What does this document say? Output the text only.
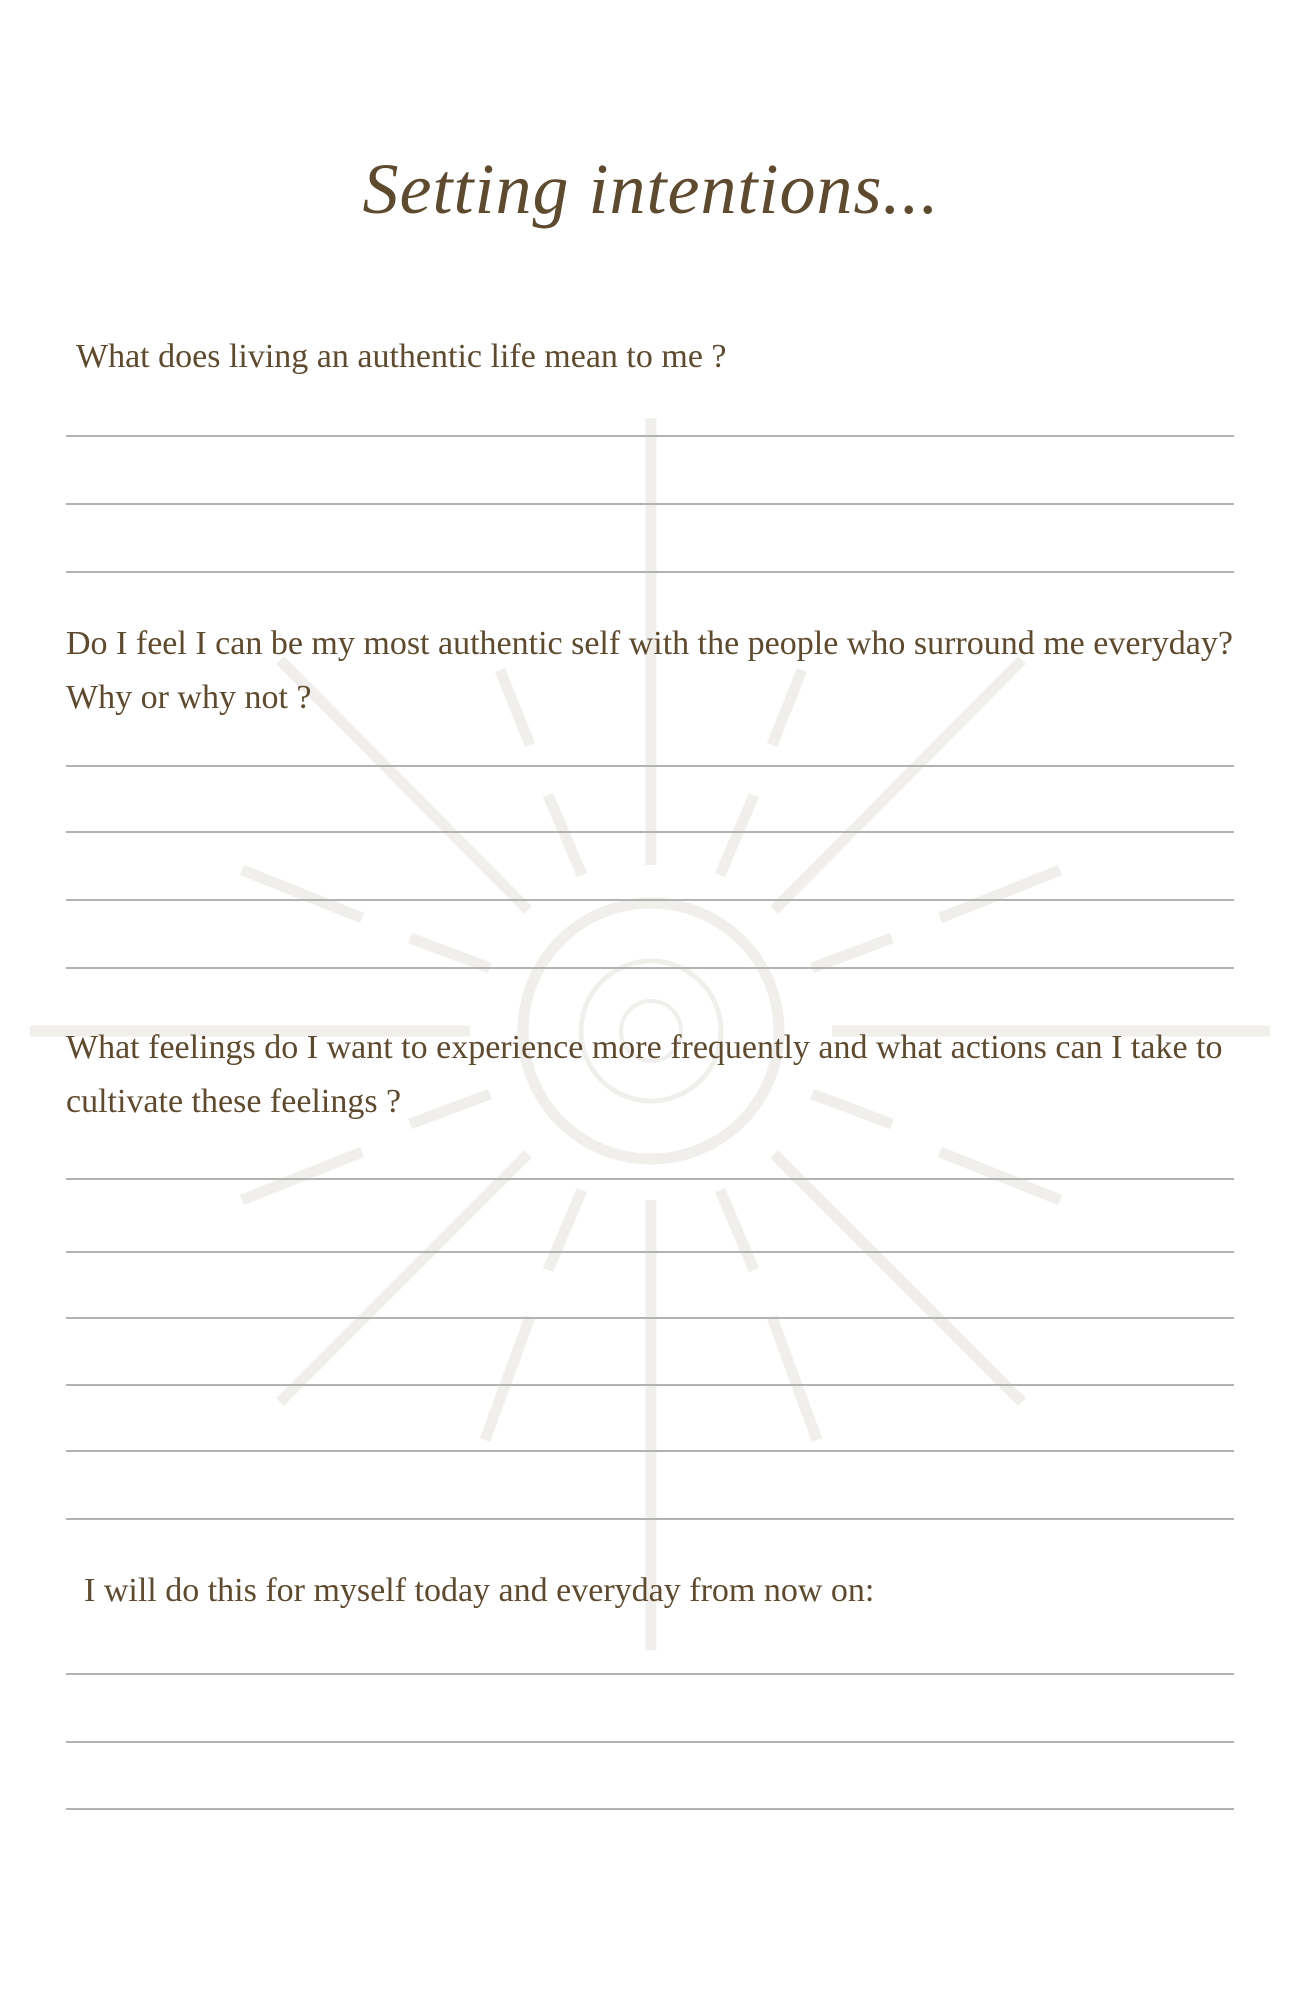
Setting intentions...

What does living an authentic life mean to me ?

Do I feel I can be my most authentic self with the people who surround me everyday? Why or why not ?

What feelings do I want to experience more frequently and what actions can I take to cultivate these feelings ?

I will do this for myself today and everyday from now on:
